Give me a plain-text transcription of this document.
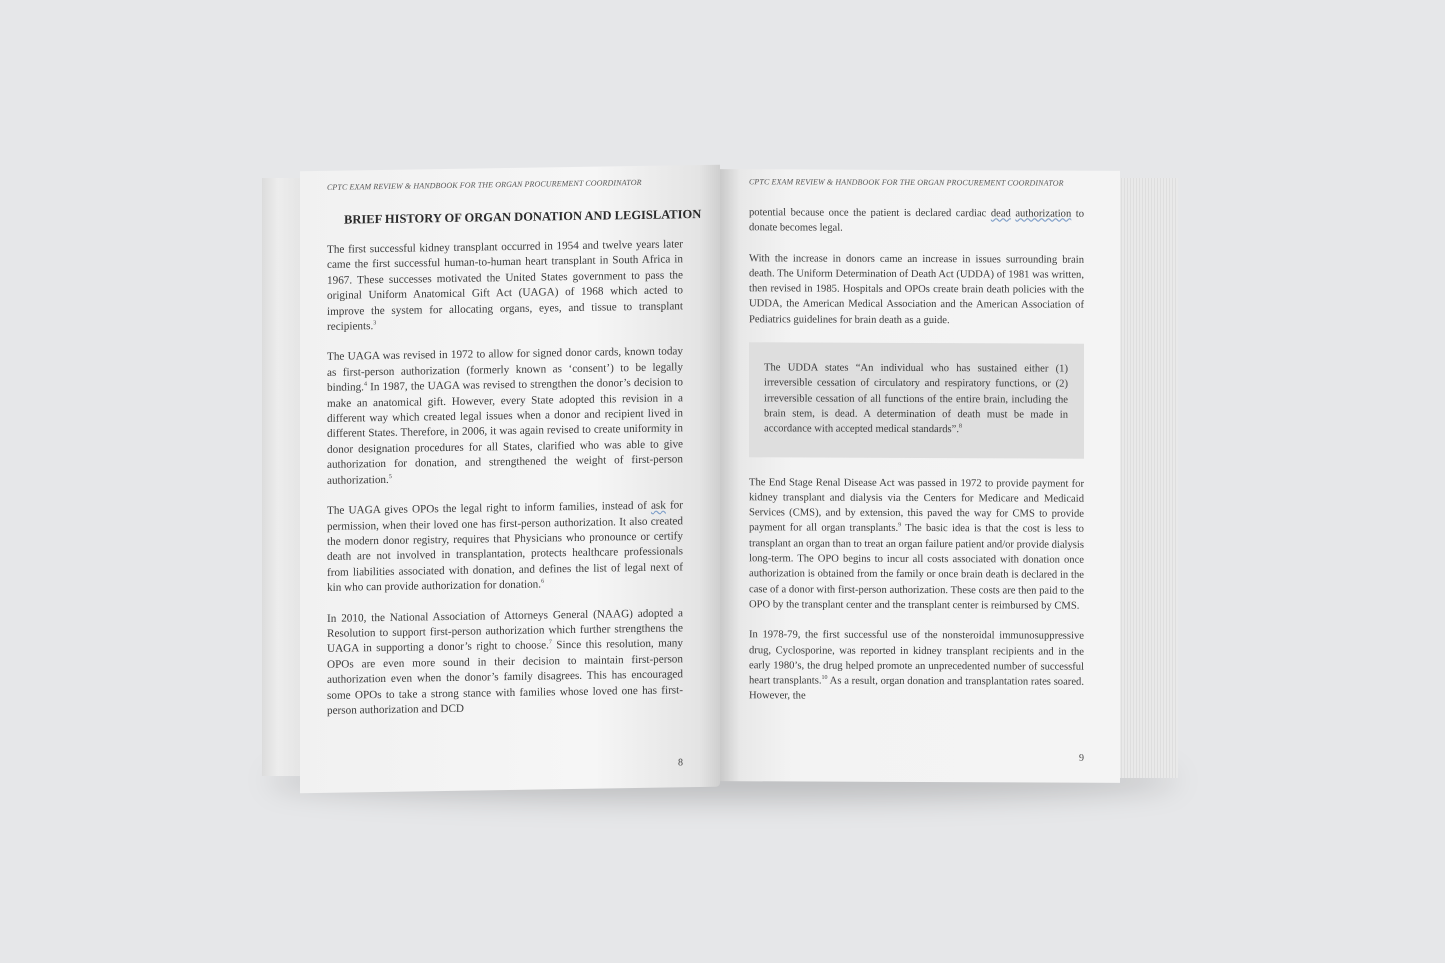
CPTC EXAM REVIEW & HANDBOOK FOR THE ORGAN PROCUREMENT COORDINATOR
BRIEF HISTORY OF ORGAN DONATION AND LEGISLATION

The first successful kidney transplant occurred in 1954 and twelve years later came the first successful human-to-human heart transplant in South Africa in 1967. These successes motivated the United States government to pass the original Uniform Anatomical Gift Act (UAGA) of 1968 which acted to improve the system for allocating organs, eyes, and tissue to transplant recipients.$^3$

The UAGA was revised in 1972 to allow for signed donor cards, known today as first-person authorization (formerly known as ‘consent’) to be legally binding.$^4$ In 1987, the UAGA was revised to strengthen the donor’s decision to make an anatomical gift. However, every State adopted this revision in a different way which created legal issues when a donor and recipient lived in different States. Therefore, in 2006, it was again revised to create uniformity in donor designation procedures for all States, clarified who was able to give authorization for donation, and strengthened the weight of first-person authorization.$^5$

The UAGA gives OPOs the legal right to inform families, instead of ask for permission, when their loved one has first-person authorization. It also created the modern donor registry, requires that Physicians who pronounce or certify death are not involved in transplantation, protects healthcare professionals from liabilities associated with donation, and defines the list of legal next of kin who can provide authorization for donation.$^6$

In 2010, the National Association of Attorneys General (NAAG) adopted a Resolution to support first-person authorization which further strengthens the UAGA in supporting a donor’s right to choose.$^7$ Since this resolution, many OPOs are even more sound in their decision to maintain first-person authorization even when the donor’s family disagrees. This has encouraged some OPOs to take a strong stance with families whose loved one has first-person authorization and DCD

8
CPTC EXAM REVIEW & HANDBOOK FOR THE ORGAN PROCUREMENT COORDINATOR

potential because once the patient is declared cardiac dead authorization to donate becomes legal.

With the increase in donors came an increase in issues surrounding brain death. The Uniform Determination of Death Act (UDDA) of 1981 was written, then revised in 1985. Hospitals and OPOs create brain death policies with the UDDA, the American Medical Association and the American Association of Pediatrics guidelines for brain death as a guide.

The UDDA states “An individual who has sustained either (1) irreversible cessation of circulatory and respiratory functions, or (2) irreversible cessation of all functions of the entire brain, including the brain stem, is dead. A determination of death must be made in accordance with accepted medical standards”.$^8$

The End Stage Renal Disease Act was passed in 1972 to provide payment for kidney transplant and dialysis via the Centers for Medicare and Medicaid Services (CMS), and by extension, this paved the way for CMS to provide payment for all organ transplants.$^9$ The basic idea is that the cost is less to transplant an organ than to treat an organ failure patient and/or provide dialysis long-term. The OPO begins to incur all costs associated with donation once authorization is obtained from the family or once brain death is declared in the case of a donor with first-person authorization. These costs are then paid to the OPO by the transplant center and the transplant center is reimbursed by CMS.

In 1978-79, the first successful use of the nonsteroidal immunosuppressive drug, Cyclosporine, was reported in kidney transplant recipients and in the early 1980’s, the drug helped promote an unprecedented number of successful heart transplants.$^{10}$ As a result, organ donation and transplantation rates soared. However, the

9
